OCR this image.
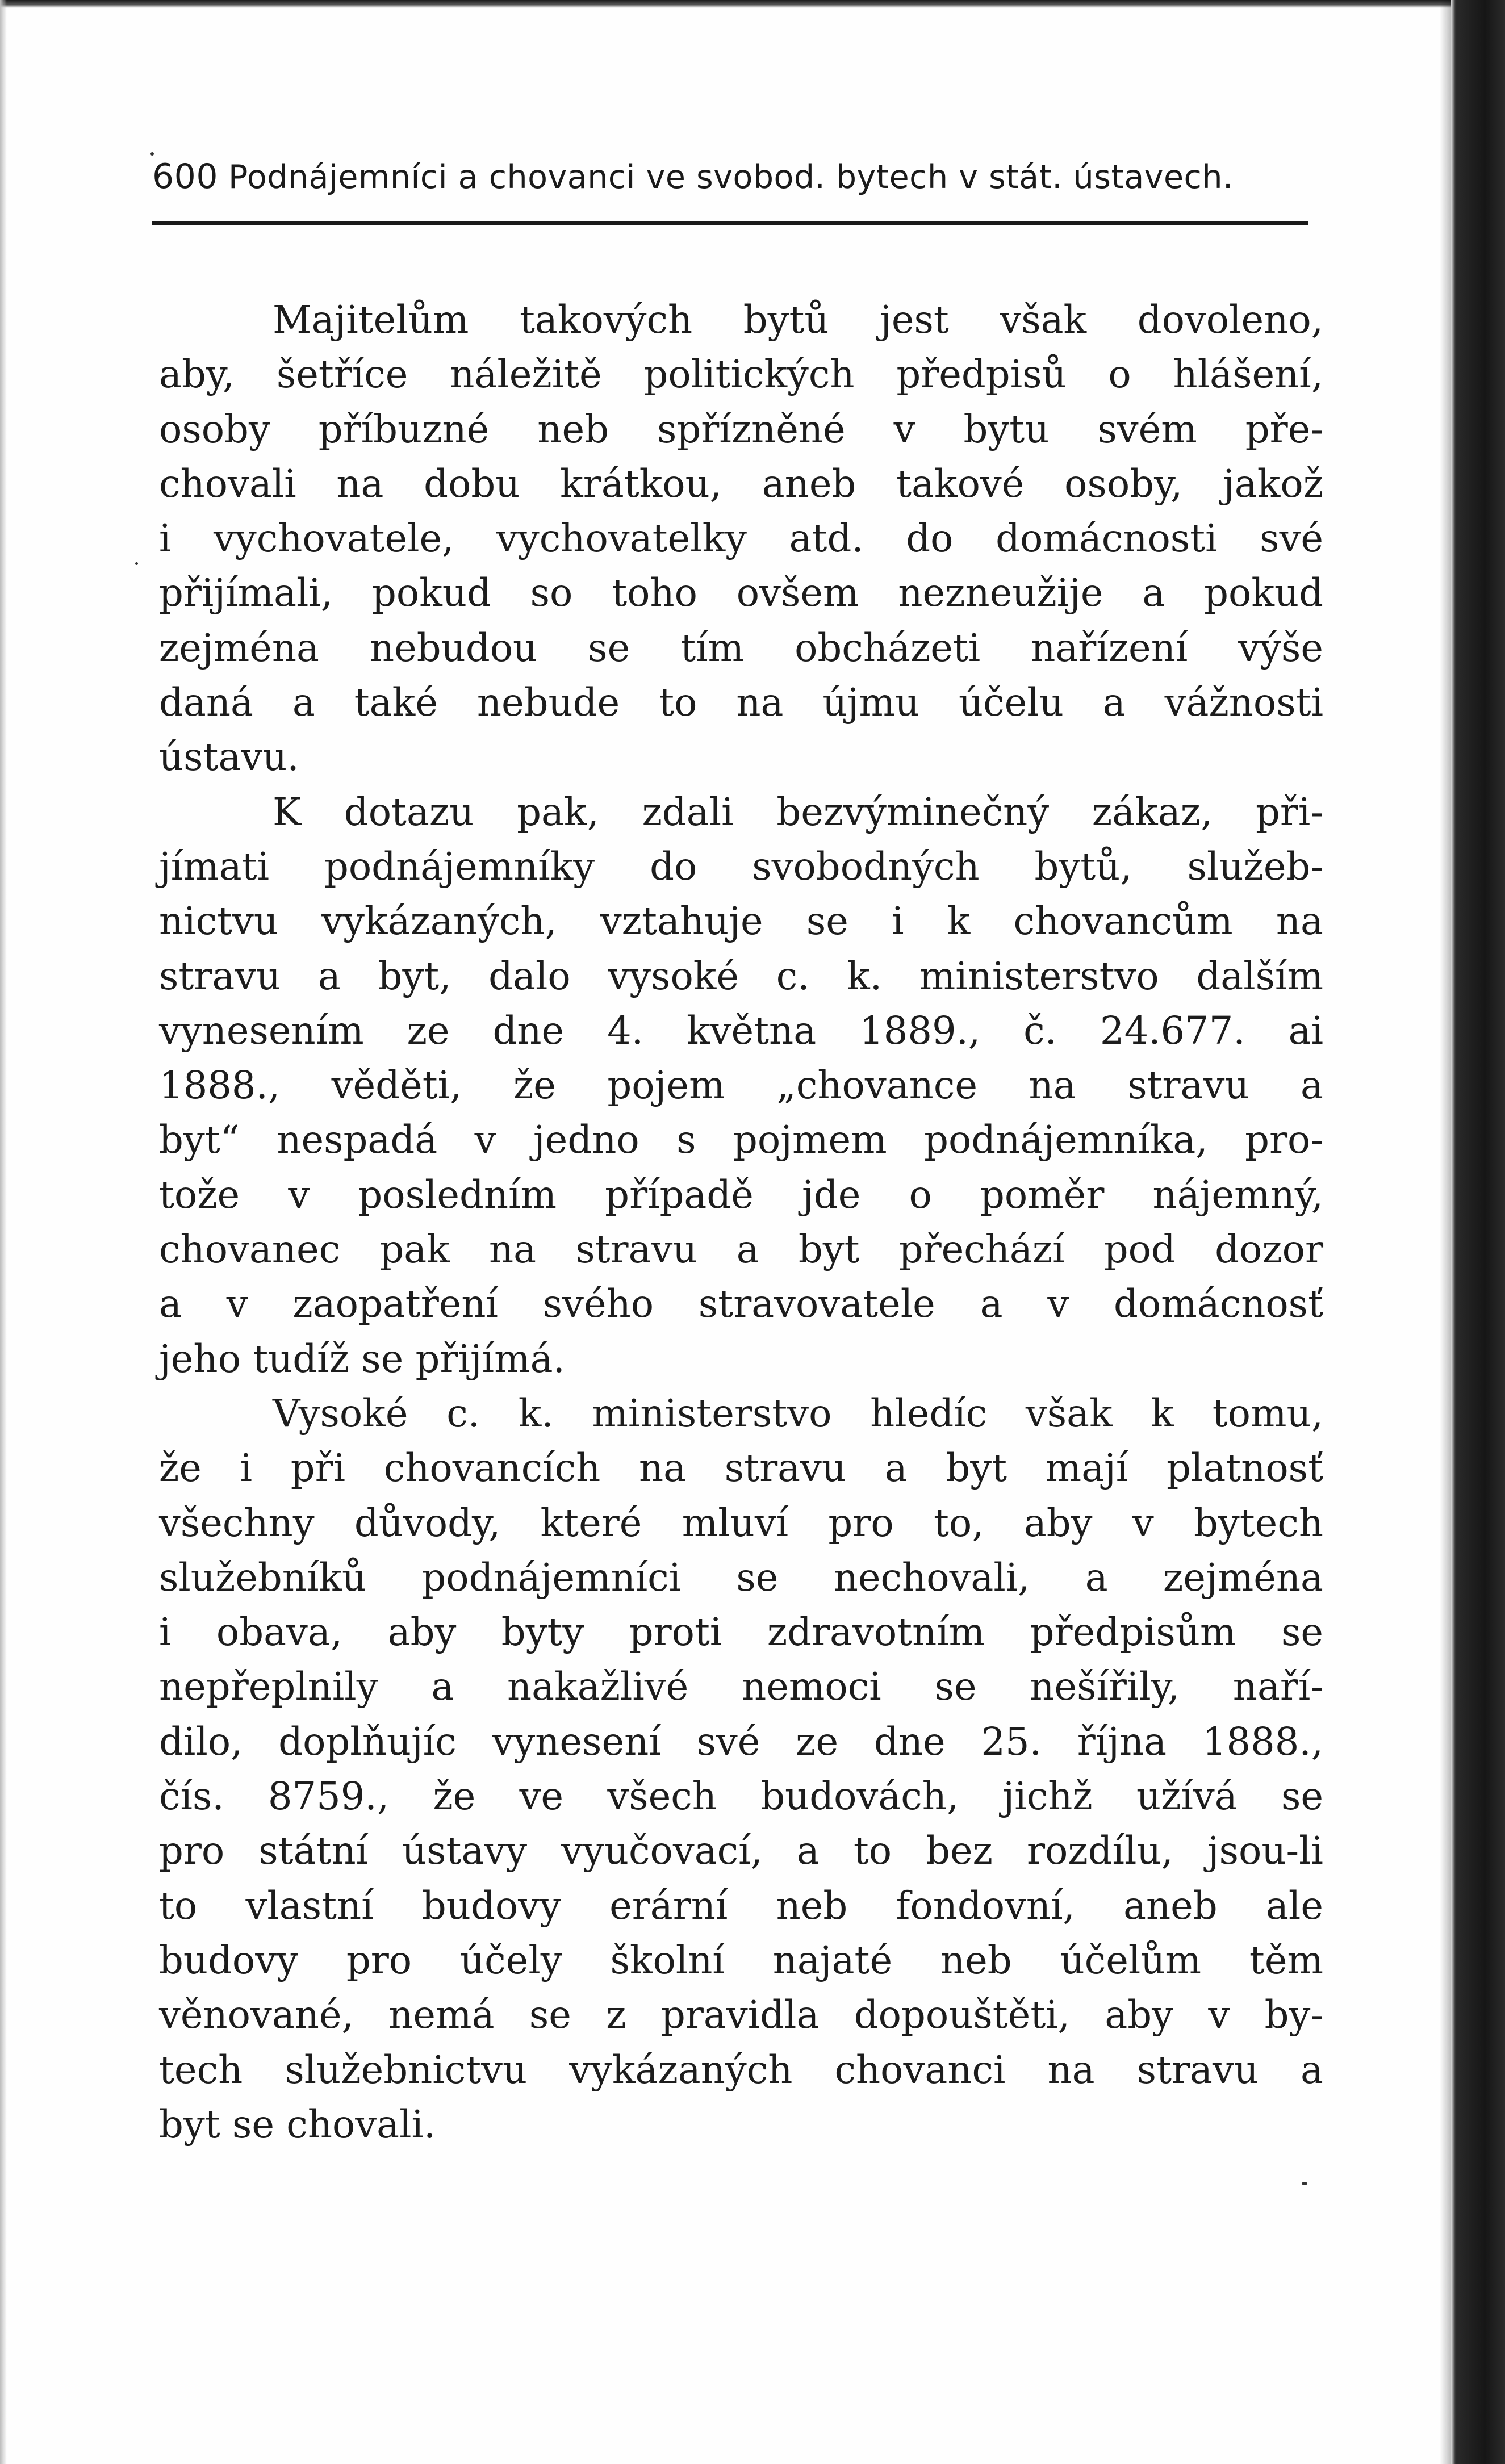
600 Podnájemníci a chovanci ve svobod. bytech v stát. ústavech.
Majitelům takových bytů jest však dovoleno,
aby, šetříce náležitě politických předpisů o hlášení,
osoby příbuzné neb spřízněné v bytu svém pře-
chovali na dobu krátkou, aneb takové osoby, jakož
i vychovatele, vychovatelky atd. do domácnosti své
přijímali, pokud so toho ovšem nezneužije a pokud
zejména nebudou se tím obcházeti nařízení výše
daná a také nebude to na újmu účelu a vážnosti
ústavu.
K dotazu pak, zdali bezvýminečný zákaz, při-
jímati podnájemníky do svobodných bytů, služeb-
nictvu vykázaných, vztahuje se i k chovancům na
stravu a byt, dalo vysoké c. k. ministerstvo dalším
vynesením ze dne 4. května 1889., č. 24.677. ai
1888., věděti, že pojem „chovance na stravu a
byt“ nespadá v jedno s pojmem podnájemníka, pro-
tože v posledním případě jde o poměr nájemný,
chovanec pak na stravu a byt přechází pod dozor
a v zaopatření svého stravovatele a v domácnosť
jeho tudíž se přijímá.
Vysoké c. k. ministerstvo hledíc však k tomu,
že i při chovancích na stravu a byt mají platnosť
všechny důvody, které mluví pro to, aby v bytech
služebníků podnájemníci se nechovali, a zejména
i obava, aby byty proti zdravotním předpisům se
nepřeplnily a nakažlivé nemoci se nešířily, naří-
dilo, doplňujíc vynesení své ze dne 25. října 1888.,
čís. 8759., že ve všech budovách, jichž užívá se
pro státní ústavy vyučovací, a to bez rozdílu, jsou-li
to vlastní budovy erární neb fondovní, aneb ale
budovy pro účely školní najaté neb účelům těm
věnované, nemá se z pravidla dopouštěti, aby v by-
tech služebnictvu vykázaných chovanci na stravu a
byt se chovali.
